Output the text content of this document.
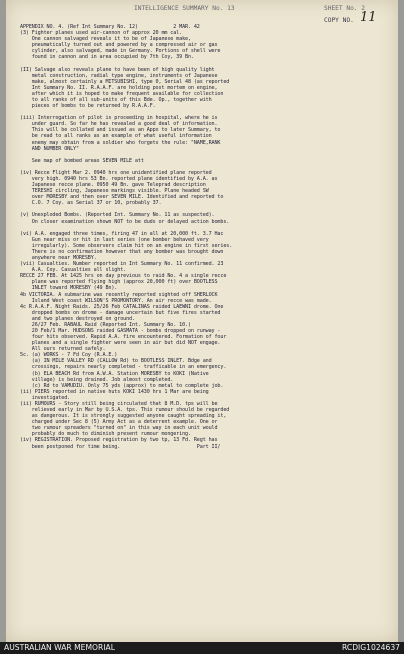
INTELLIGENCE SUMMARY No. 13	SHEET No. 2
COPY NO. 11
APPENDIX NO. 4. (Ref Int Summary No. 12)            2 MAR. 42
(3) Fighter planes used air-cannon of approx 20 mm cal.
One cannon salvaged reveals it to be of Japanese make,
pneumatically turned out and powered by a compressed air or gas
cylinder, also salvaged, made in Germany. Portions of shell were
found in cannon and in area occupied by 7th Coy, 39 Bn.
(II) Salvage also reveals plane to have been of high quality light
metal construction, radial type engine, instruments of Japanese
make, almost certainly a MITSUBISHI, type 0, Serial 48 (as reported
Int Summary No. II. R.A.A.F. are holding post mortem on engine,
after which it is hoped to make frequent available for collection
to all ranks of all sub-units of this Bde. Op., together with
pieces of bombs to be returned by R.A.A.F.
(iii) Interrogation of pilot is proceeding in hospital, where he is
under guard. So far he has revealed a good deal of information.
This will be collated and issued as an Appx to later Summary, to
be read to all ranks as an example of what useful information
enemy may obtain from a soldier who forgets the rule: "NAME,RANK
AND NUMBER ONLY"
See map of bombed areas SEVEN MILE att
(iv) Recce Flight Mar 2. 0940 hrs one unidentified plane reported
very high. 0940 hrs 53 Bn. reported plane identified by A.A. as
Japanese recce plane. 0950 49 Bn. gave Teleprad description
TERESHI circling, Japanese markings visible. Plane headed SW
over MORESBY and then over SEVEN MILE. Identified and reported to
C.O. 7 Coy. as Serial 37 or 10, probably 37.
(v) Unexploded Bombs. (Reported Int. Summary No. 11 as suspected).
On closer examination shown NOT to be duds or delayed action bombs.
(vi) A.A. engaged three times, firing 47 in all at 20,000 ft. 3.7 Hac
Gun near miss or hit in last series (one bomber behaved very
irregularly). Some observers claim hit on an engine in first series.
There is no confirmation however that any bomber was brought down
anywhere near MORESBY.
(vii) Casualties. Number reported in Int Summary No. 11 confirmed. 23
A.A. Coy. Casualties all slight.
RECCE 27 FEB. At 1425 hrs on day previous to raid No. 4 a single recce
plane was reported flying high (approx 20,000 ft) over BOOTLESS
INLET toward MORESBY (49 Bn).
4b VICTORIA. A submarine was recently reported sighted off SHERLOCK
Island West coast WILSON'S PROMONTORY. An air recce was made.
4c R.A.A.F. Night Raids. 25/26 Feb CATALINAS raided LAEWNI drome. One
dropped bombs on drome - damage uncertain but five fires started
and two planes destroyed on ground.
26/27 Feb. RABAUL Raid (Reported Int. Summary No. 10.)
20 Feb/1 Mar. HUDSONS raided GASMATA - bombs dropped on runway -
four hits observed. Rapid A.A. fire encountered. Formation of four
planes and a single fighter were seen in air but did NOT engage.
All ours returned safely.
5c. (a) WORKS - 7 Fd Coy (R.A.E.)
(a) IN MILE VALLEY RD (CALLOW Rd) to BOOTLESS INLET. Bdge and
crossings, repairs nearly completed - trafficable in an emergency.
(b) ELA BEACH Rd from A.W.A. Station MORESBY to KOKI (Native
village) is being drained. Job almost completed.
(c) Rd to VAMUDIU. Only 75 yds (approx) to metal to complete job.
(ii) PIERS reported in native huts KOKI 1430 hrs 1 Mar are being
investigated.
(ii) RUMOURS - Story still being circulated that 8 M.D. tps will be
relieved early in Mar by U.S.A. tps. This rumour should be regarded
as dangerous. It is strongly suggested anyone caught spreading it,
charged under Sec 8 (5) Army Act as a deterrent example. One or
two rumour spreaders "turned on" in this way in each unit would
probably do much to diminish present rumour mongering.
(iv) REGISTRATION. Proposed registration by two tp, 13 Fd. Regt has
been postponed for time being.                          Part II/
AUSTRALIAN WAR MEMORIAL	RCDIG1024637
